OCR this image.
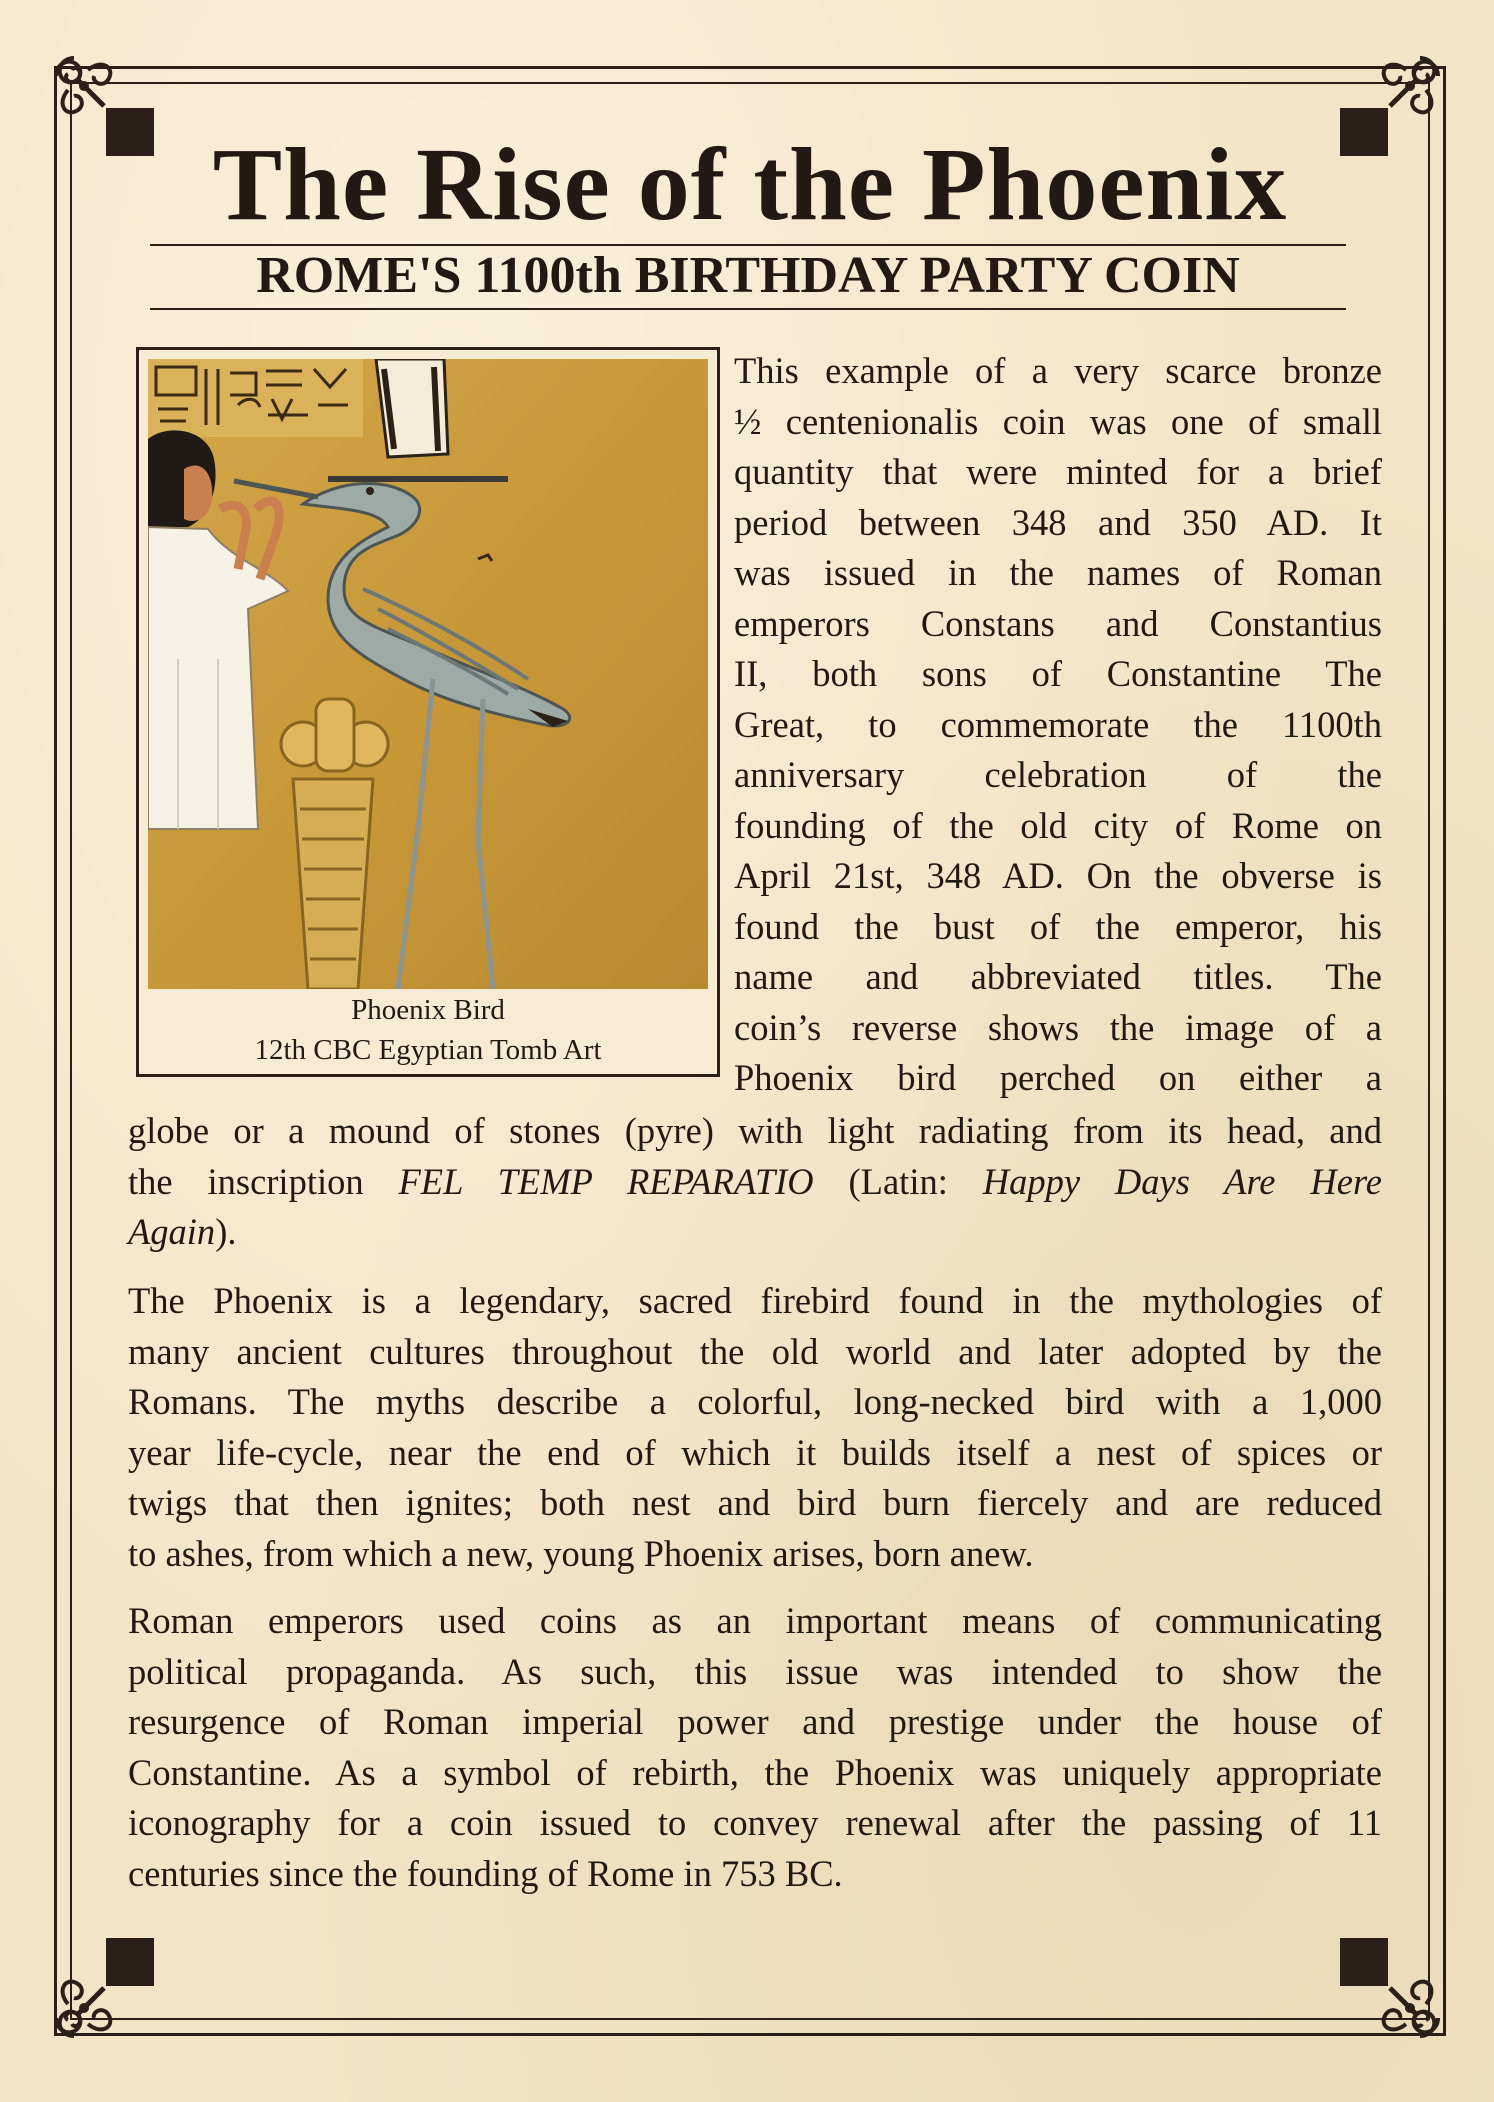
The Rise of the Phoenix
ROME'S 1100th BIRTHDAY PARTY COIN
Phoenix Bird
12th CBC Egyptian Tomb Art
This example of a very scarce bronze
½ centenionalis coin was one of small
quantity that were minted for a brief
period between 348 and 350 AD. It
was issued in the names of Roman
emperors Constans and Constantius
II, both sons of Constantine The
Great, to commemorate the 1100th
anniversary celebration of the
founding of the old city of Rome on
April 21st, 348 AD. On the obverse is
found the bust of the emperor, his
name and abbreviated titles. The
coin’s reverse shows the image of a
Phoenix bird perched on either a
globe or a mound of stones (pyre) with light radiating from its head, and
the inscription FEL TEMP REPARATIO (Latin: Happy Days Are Here
Again).
The Phoenix is a legendary, sacred firebird found in the mythologies of
many ancient cultures throughout the old world and later adopted by the
Romans. The myths describe a colorful, long-necked bird with a 1,000
year life-cycle, near the end of which it builds itself a nest of spices or
twigs that then ignites; both nest and bird burn fiercely and are reduced
to ashes, from which a new, young Phoenix arises, born anew.
Roman emperors used coins as an important means of communicating
political propaganda. As such, this issue was intended to show the
resurgence of Roman imperial power and prestige under the house of
Constantine. As a symbol of rebirth, the Phoenix was uniquely appropriate
iconography for a coin issued to convey renewal after the passing of 11
centuries since the founding of Rome in 753 BC.
